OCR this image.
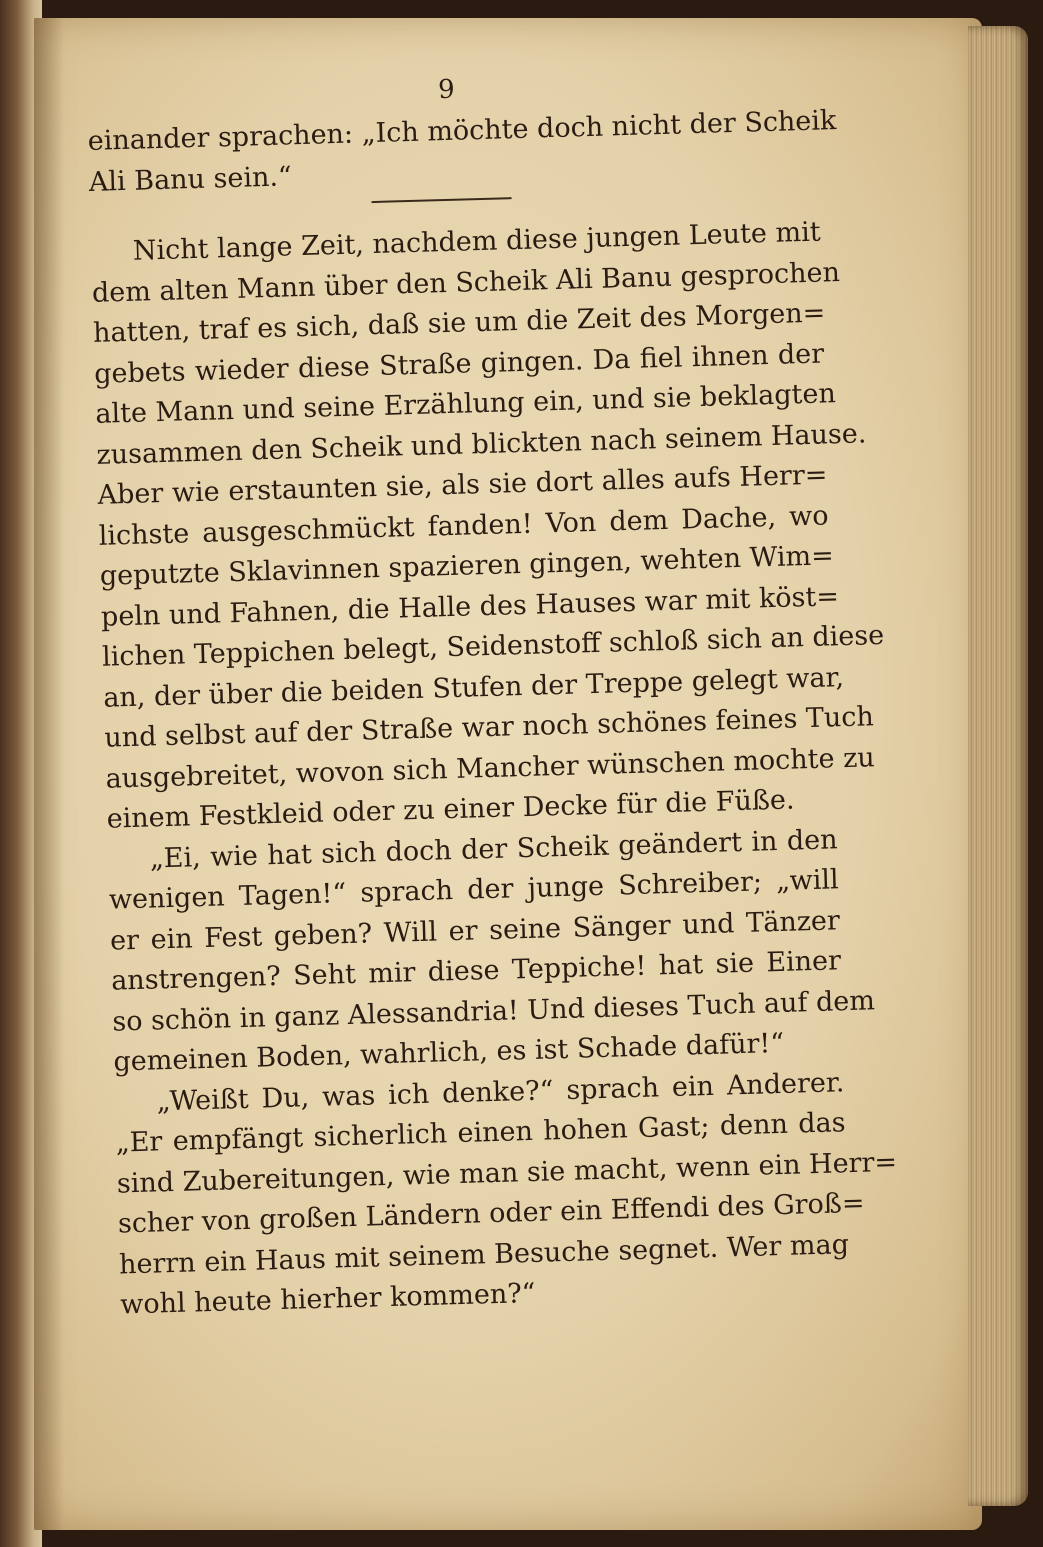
9
einander sprachen: „Ich möchte doch nicht der Scheik
Ali Banu sein.“
Nicht lange Zeit, nachdem diese jungen Leute mit
dem alten Mann über den Scheik Ali Banu gesprochen
hatten, traf es sich, daß sie um die Zeit des Morgen=
gebets wieder diese Straße gingen. Da fiel ihnen der
alte Mann und seine Erzählung ein, und sie beklagten
zusammen den Scheik und blickten nach seinem Hause.
Aber wie erstaunten sie, als sie dort alles aufs Herr=
lichste ausgeschmückt fanden! Von dem Dache, wo
geputzte Sklavinnen spazieren gingen, wehten Wim=
peln und Fahnen, die Halle des Hauses war mit köst=
lichen Teppichen belegt, Seidenstoff schloß sich an diese
an, der über die beiden Stufen der Treppe gelegt war,
und selbst auf der Straße war noch schönes feines Tuch
ausgebreitet, wovon sich Mancher wünschen mochte zu
einem Festkleid oder zu einer Decke für die Füße.
„Ei, wie hat sich doch der Scheik geändert in den
wenigen Tagen!“ sprach der junge Schreiber; „will
er ein Fest geben? Will er seine Sänger und Tänzer
anstrengen? Seht mir diese Teppiche! hat sie Einer
so schön in ganz Alessandria! Und dieses Tuch auf dem
gemeinen Boden, wahrlich, es ist Schade dafür!“
„Weißt Du, was ich denke?“ sprach ein Anderer.
„Er empfängt sicherlich einen hohen Gast; denn das
sind Zubereitungen, wie man sie macht, wenn ein Herr=
scher von großen Ländern oder ein Effendi des Groß=
herrn ein Haus mit seinem Besuche segnet. Wer mag
wohl heute hierher kommen?“
